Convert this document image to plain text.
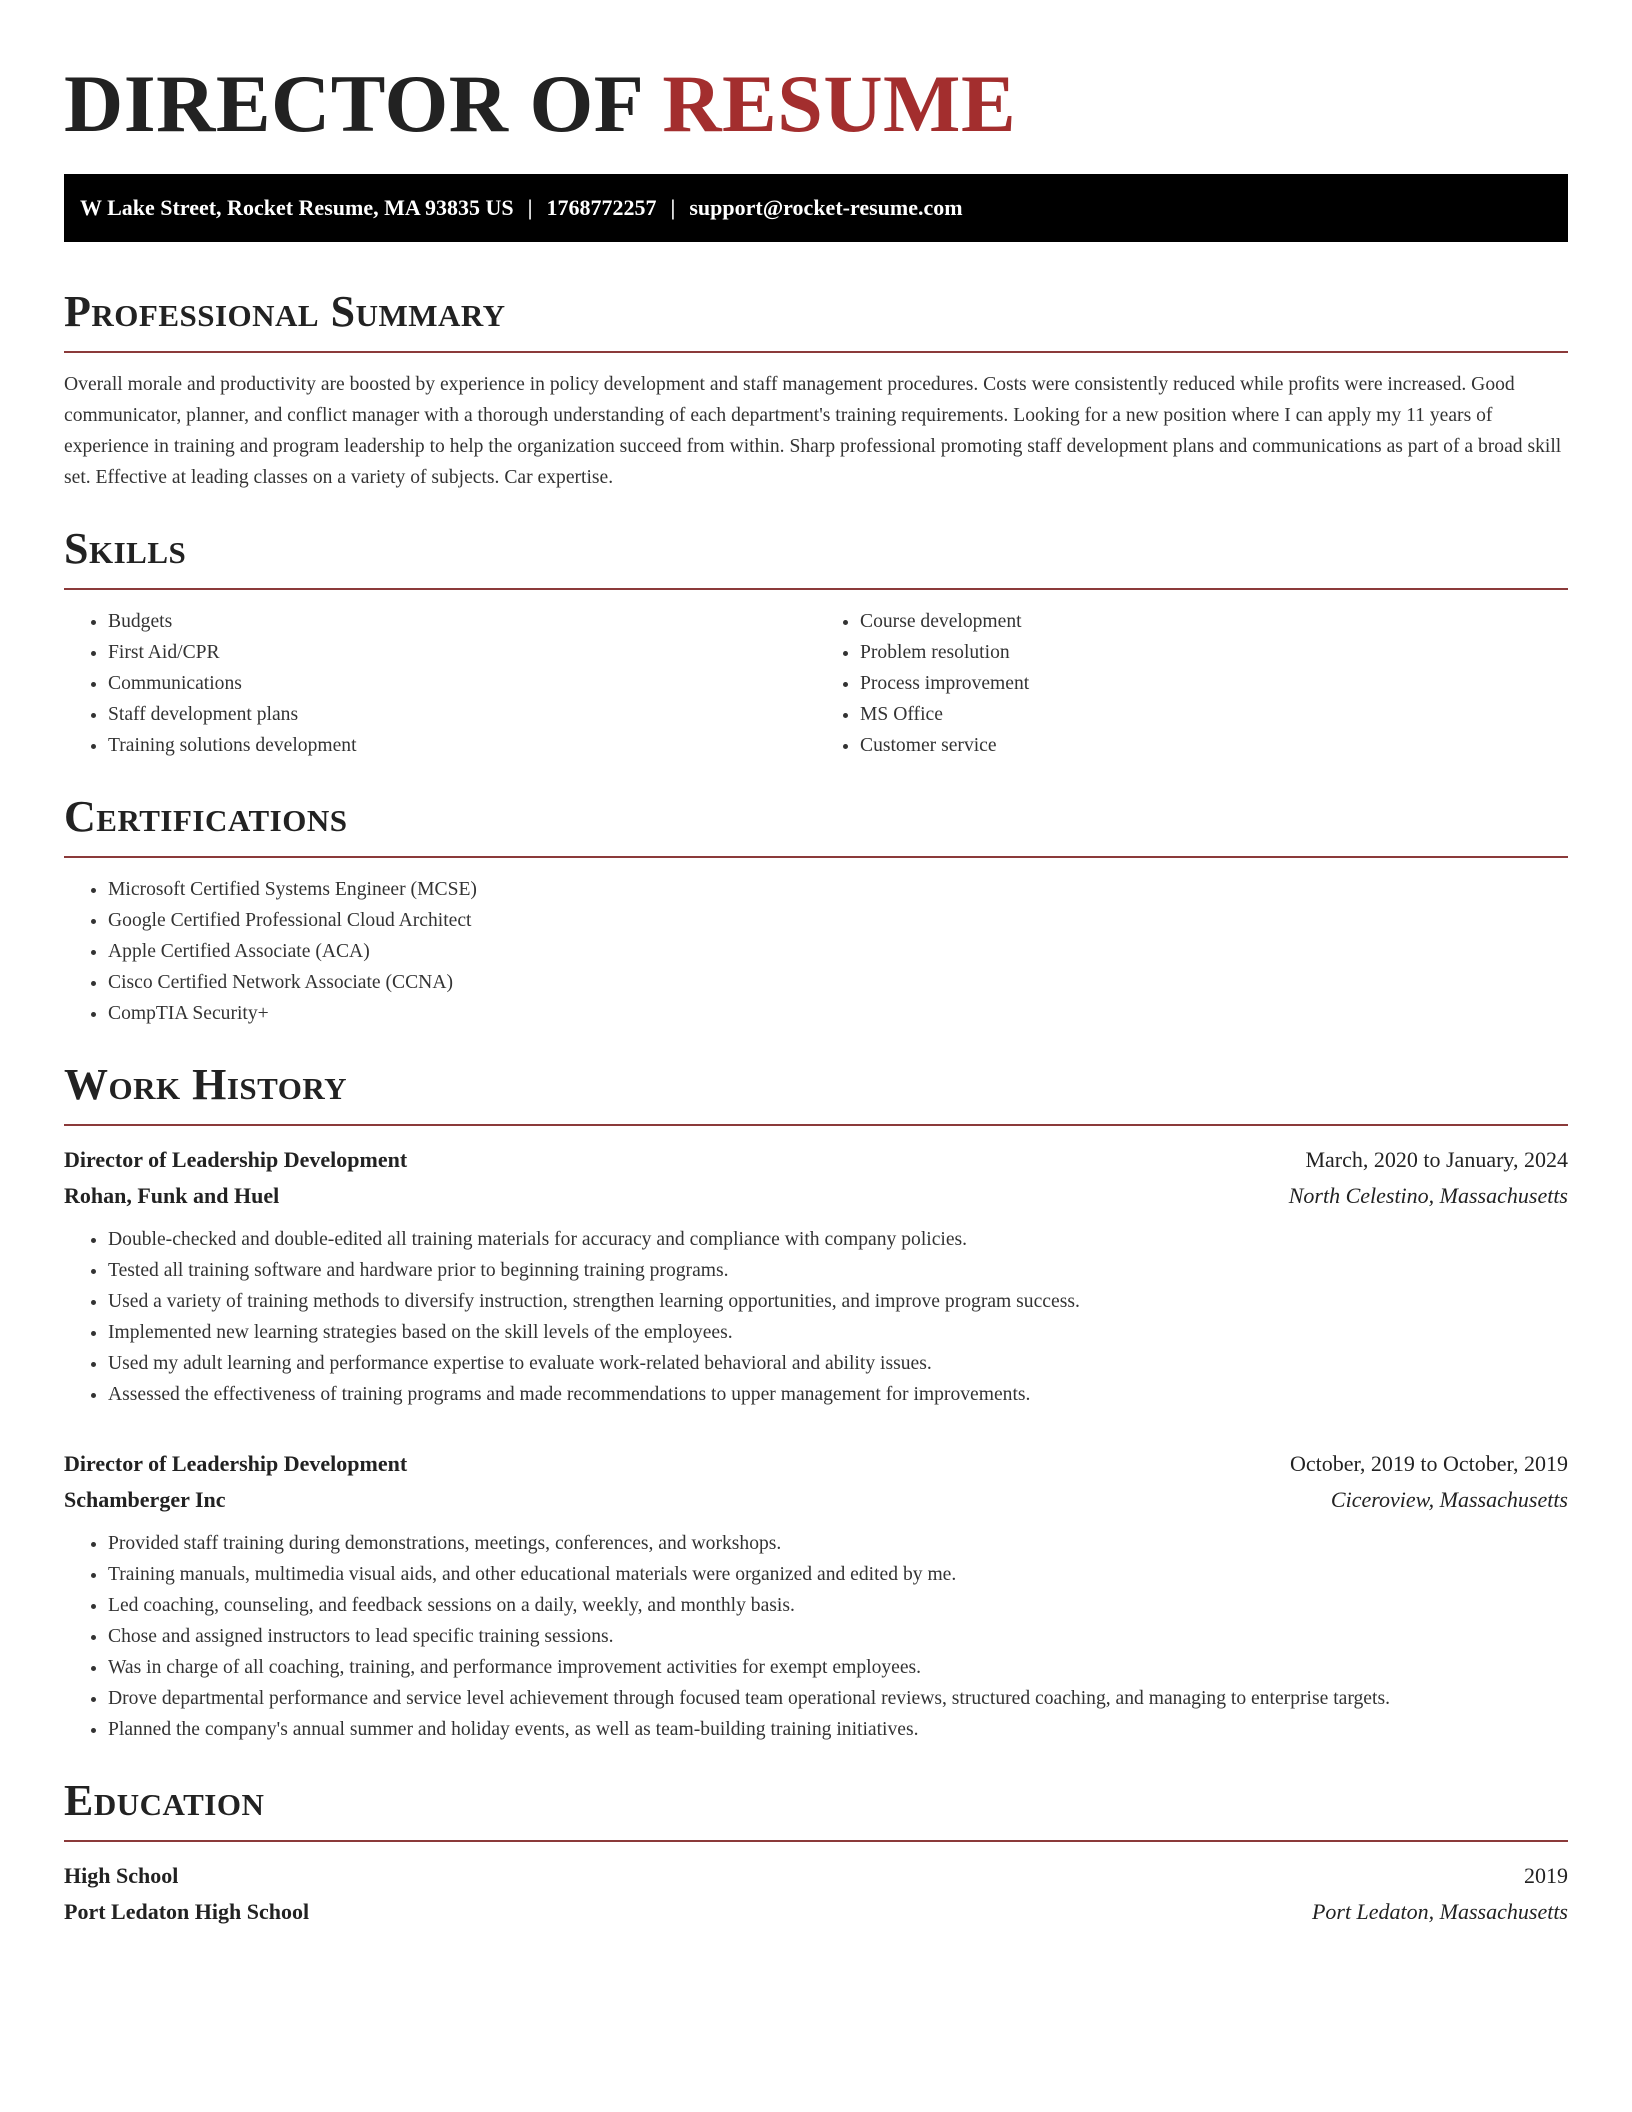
DIRECTOR OF RESUME
W Lake Street, Rocket Resume, MA 93835 US | 1768772257 | support@rocket-resume.com
Professional Summary

Overall morale and productivity are boosted by experience in policy development and staff management procedures. Costs were consistently reduced while profits were increased. Good communicator, planner, and conflict manager with a thorough understanding of each department's training requirements. Looking for a new position where I can apply my 11 years of experience in training and program leadership to help the organization succeed from within. Sharp professional promoting staff development plans and communications as part of a broad skill set. Effective at leading classes on a variety of subjects. Car expertise.

Skills
• Budgets
• First Aid/CPR
• Communications
• Staff development plans
• Training solutions development
• Course development
• Problem resolution
• Process improvement
• MS Office
• Customer service
Certifications
• Microsoft Certified Systems Engineer (MCSE)
• Google Certified Professional Cloud Architect
• Apple Certified Associate (ACA)
• Cisco Certified Network Associate (CCNA)
• CompTIA Security+
Work History
Director of Leadership Development	March, 2020 to January, 2024
Rohan, Funk and Huel	North Celestino, Massachusetts
• Double-checked and double-edited all training materials for accuracy and compliance with company policies.
• Tested all training software and hardware prior to beginning training programs.
• Used a variety of training methods to diversify instruction, strengthen learning opportunities, and improve program success.
• Implemented new learning strategies based on the skill levels of the employees.
• Used my adult learning and performance expertise to evaluate work-related behavioral and ability issues.
• Assessed the effectiveness of training programs and made recommendations to upper management for improvements.
Director of Leadership Development	October, 2019 to October, 2019
Schamberger Inc	Ciceroview, Massachusetts
• Provided staff training during demonstrations, meetings, conferences, and workshops.
• Training manuals, multimedia visual aids, and other educational materials were organized and edited by me.
• Led coaching, counseling, and feedback sessions on a daily, weekly, and monthly basis.
• Chose and assigned instructors to lead specific training sessions.
• Was in charge of all coaching, training, and performance improvement activities for exempt employees.
• Drove departmental performance and service level achievement through focused team operational reviews, structured coaching, and managing to enterprise targets.
• Planned the company's annual summer and holiday events, as well as team-building training initiatives.
Education
High School	2019
Port Ledaton High School	Port Ledaton, Massachusetts
